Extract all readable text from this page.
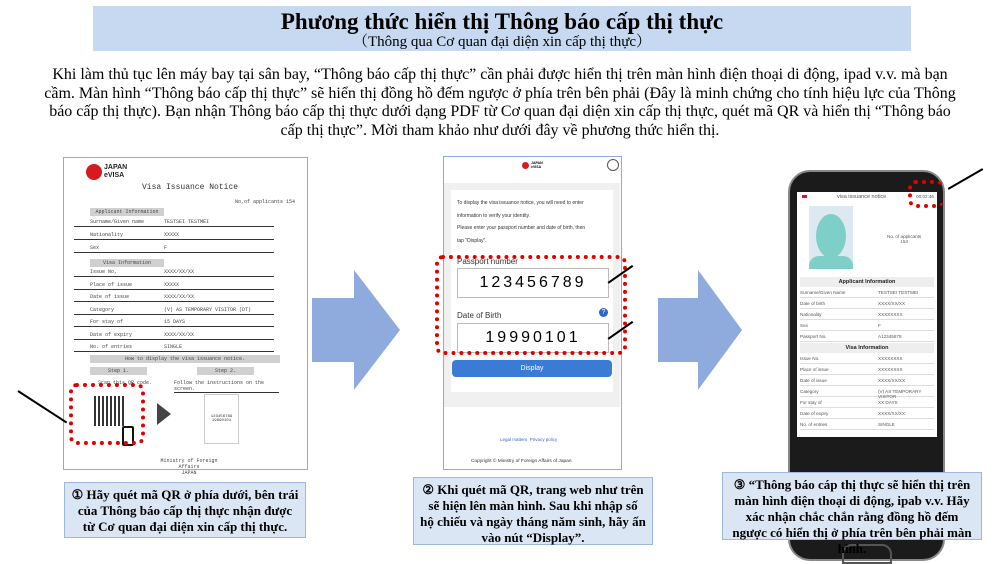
Phương thức hiển thị Thông báo cấp thị thực
（Thông qua Cơ quan đại diện xin cấp thị thực）
Khi làm thủ tục lên máy bay tại sân bay, “Thông báo cấp thị thực” cần phải được hiển thị trên màn hình điện thoại di động, ipad v.v. mà bạn cầm. Màn hình “Thông báo cấp thị thực” sẽ hiển thị đồng hồ đếm ngược ở phía trên bên phải (Đây là minh chứng cho tính hiệu lực của Thông báo cấp thị thực). Bạn nhận Thông báo cấp thị thực dưới dạng PDF từ Cơ quan đại diện xin cấp thị thực, quét mã QR và hiển thị “Thông báo cấp thị thực”. Mời tham khảo như dưới đây về phương thức hiển thị.
JAPAN
eVISA
Visa Issuance Notice
No,of applicants 154
Applicant Information
Surname/Given name	TESTSEI TESTMEI
Nationality	XXXXX
Sex	F
Visa Information
Issue No,	XXXX/XX/XX
Place of issue	XXXXX
Date of issue	XXXX/XX/XX
Category	(V) AS TEMPORARY VISITOR (DT)
For stay of	15 DAYS
Date of expiry	XXXX/XX/XX
No. of entries	SINGLE
How to display the visa issuance notice.
Step 1.	Step 2.
Scan this QR code.	Follow the instructions on the screen.
123456789
19990101
Ministry of Foreign Affairs
JAPAN
JAPAN
eVISA
To display the visa issuance notice, you will need to enter
information to verify your identity.
Please enter your passport number and date of birth, then
tap "Display".
Passport number
123456789
Date of Birth	?
19990101
Display
Legal matters Privacy policy
Copyright © Ministry of Foreign Affairs of Japan
visa issuance notice	00:02:46
No. of applicants
154
Applicant Information
Surname/Given Name	TESTSEI TESTMEI
Date of birth	XXXX/XX/XX
Nationality	XXXXXXXX
Sex	F
Passport No.	A12345678
Visa Information
Issue No.	XXXXXXXX
Place of issue	XXXXXXXX
Date of issue	XXXX/XX/XX
Category	(V) AS TEMPORARY VISITOR
For stay of	XX DAYS
Date of expiry	XXXX/XX/XX
No. of entries	SINGLE
① Hãy quét mã QR ở phía dưới, bên trái của Thông báo cấp thị thực nhận được từ Cơ quan đại diện xin cấp thị thực.
② Khi quét mã QR, trang web như trên sẽ hiện lên màn hình. Sau khi nhập số hộ chiếu và ngày tháng năm sinh, hãy ấn vào nút “Display”.
③ “Thông báo cáp thị thực sẽ hiển thị trên màn hình điện thoại di động, ipab v.v. Hãy xác nhận chắc chắn rằng đồng hồ đếm ngược có hiển thị ở phía trên bên phải màn hình.
